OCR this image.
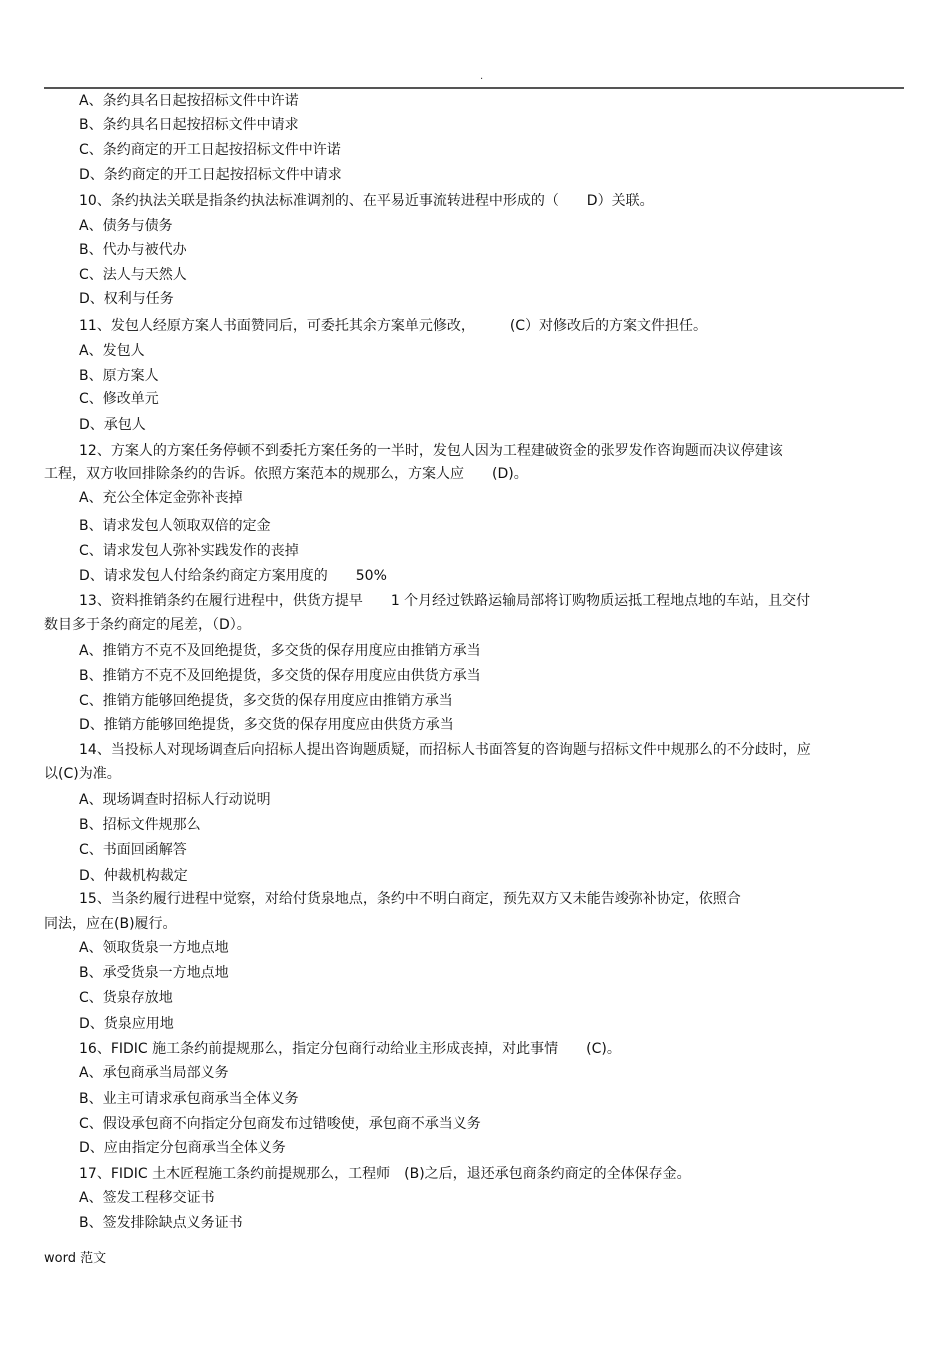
.
A、条约具名日起按招标文件中许诺
B、条约具名日起按招标文件中请求
C、条约商定的开工日起按招标文件中许诺
D、条约商定的开工日起按招标文件中请求
10、条约执法关联是指条约执法标准调剂的、在平易近事流转进程中形成的（　　D）关联。
A、债务与债务
B、代办与被代办
C、法人与天然人
D、权利与任务
11、发包人经原方案人书面赞同后，可委托其余方案单元修改，　　　(C）对修改后的方案文件担任。
A、发包人
B、原方案人
C、修改单元
D、承包人
12、方案人的方案任务停顿不到委托方案任务的一半时，发包人因为工程建破资金的张罗发作咨询题而决议停建该
工程，双方收回排除条约的告诉。依照方案范本的规那么，方案人应　　(D)。
A、充公全体定金弥补丧掉
B、请求发包人领取双倍的定金
C、请求发包人弥补实践发作的丧掉
D、请求发包人付给条约商定方案用度的　　50%
13、资料推销条约在履行进程中，供货方提早　　1 个月经过铁路运输局部将订购物质运抵工程地点地的车站，且交付
数目多于条约商定的尾差，（D）。
A、推销方不克不及回绝提货，多交货的保存用度应由推销方承当
B、推销方不克不及回绝提货，多交货的保存用度应由供货方承当
C、推销方能够回绝提货，多交货的保存用度应由推销方承当
D、推销方能够回绝提货，多交货的保存用度应由供货方承当
14、当投标人对现场调查后向招标人提出咨询题质疑，而招标人书面答复的咨询题与招标文件中规那么的不分歧时，应
以(C)为准。
A、现场调查时招标人行动说明
B、招标文件规那么
C、书面回函解答
D、仲裁机构裁定
15、当条约履行进程中觉察，对给付货泉地点，条约中不明白商定，预先双方又未能告竣弥补协定，依照合
同法，应在(B)履行。
A、领取货泉一方地点地
B、承受货泉一方地点地
C、货泉存放地
D、货泉应用地
16、FIDIC 施工条约前提规那么，指定分包商行动给业主形成丧掉，对此事情　　(C)。
A、承包商承当局部义务
B、业主可请求承包商承当全体义务
C、假设承包商不向指定分包商发布过错唆使，承包商不承当义务
D、应由指定分包商承当全体义务
17、FIDIC 土木匠程施工条约前提规那么，工程师　(B)之后，退还承包商条约商定的全体保存金。
A、签发工程移交证书
B、签发排除缺点义务证书
word 范文
